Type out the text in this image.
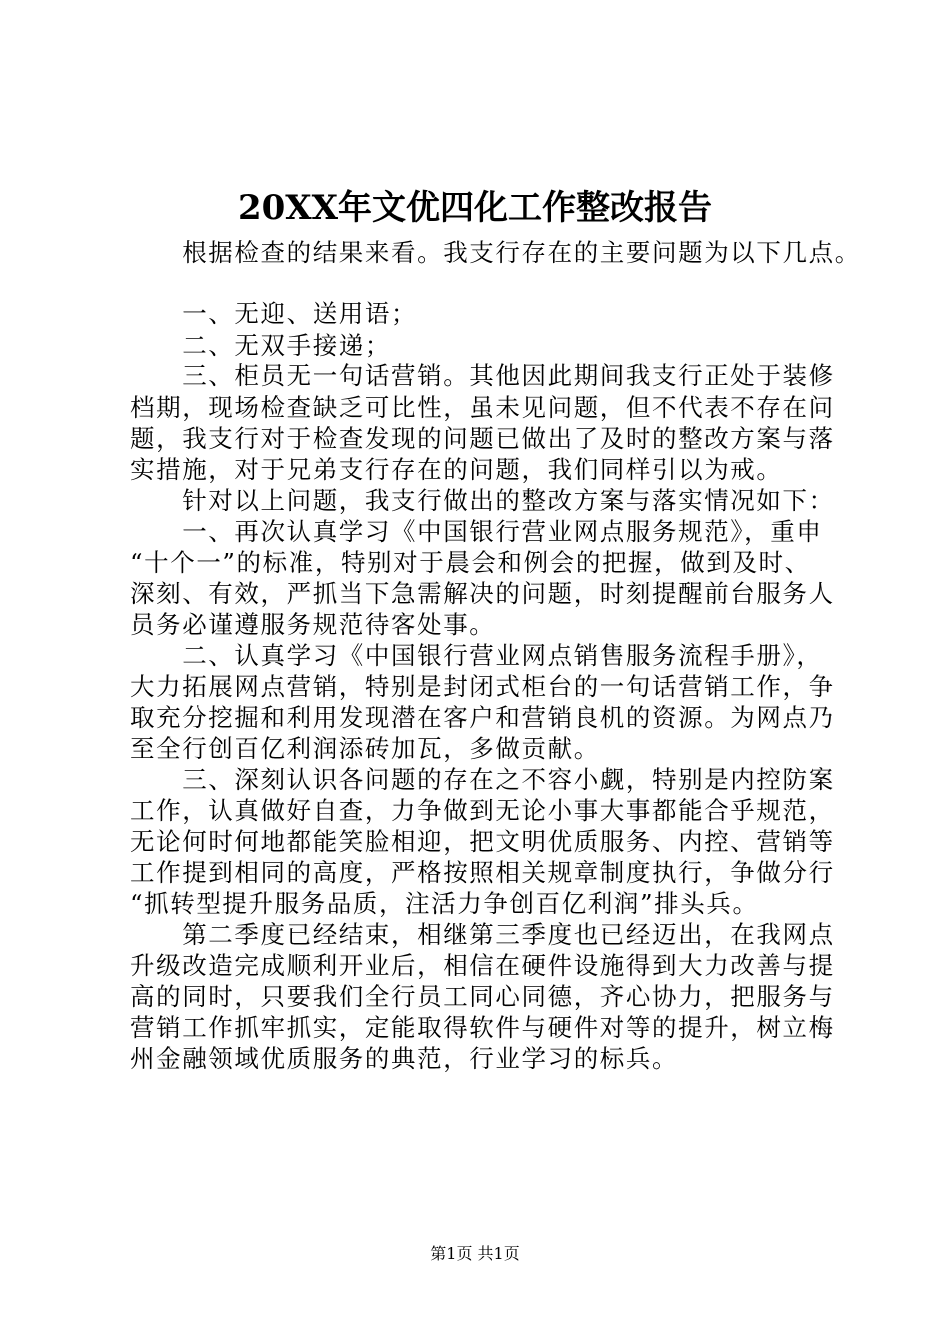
20XX年文优四化工作整改报告
　　根据检查的结果来看。我支行存在的主要问题为以下几点。
　　一、无迎、送用语；
　　二、无双手接递；
　　三、柜员无一句话营销。其他因此期间我支行正处于装修
档期，现场检查缺乏可比性，虽未见问题，但不代表不存在问
题，我支行对于检查发现的问题已做出了及时的整改方案与落
实措施，对于兄弟支行存在的问题，我们同样引以为戒。
　　针对以上问题，我支行做出的整改方案与落实情况如下：
　　一、再次认真学习《中国银行营业网点服务规范》，重申
“十个一”的标准，特别对于晨会和例会的把握，做到及时、
深刻、有效，严抓当下急需解决的问题，时刻提醒前台服务人
员务必谨遵服务规范待客处事。
　　二、认真学习《中国银行营业网点销售服务流程手册》，
大力拓展网点营销，特别是封闭式柜台的一句话营销工作，争
取充分挖掘和利用发现潜在客户和营销良机的资源。为网点乃
至全行创百亿利润添砖加瓦，多做贡献。
　　三、深刻认识各问题的存在之不容小觑，特别是内控防案
工作，认真做好自查，力争做到无论小事大事都能合乎规范，
无论何时何地都能笑脸相迎，把文明优质服务、内控、营销等
工作提到相同的高度，严格按照相关规章制度执行，争做分行
“抓转型提升服务品质，注活力争创百亿利润”排头兵。
　　第二季度已经结束，相继第三季度也已经迈出，在我网点
升级改造完成顺利开业后，相信在硬件设施得到大力改善与提
高的同时，只要我们全行员工同心同德，齐心协力，把服务与
营销工作抓牢抓实，定能取得软件与硬件对等的提升，树立梅
州金融领域优质服务的典范，行业学习的标兵。
第1页 共1页
